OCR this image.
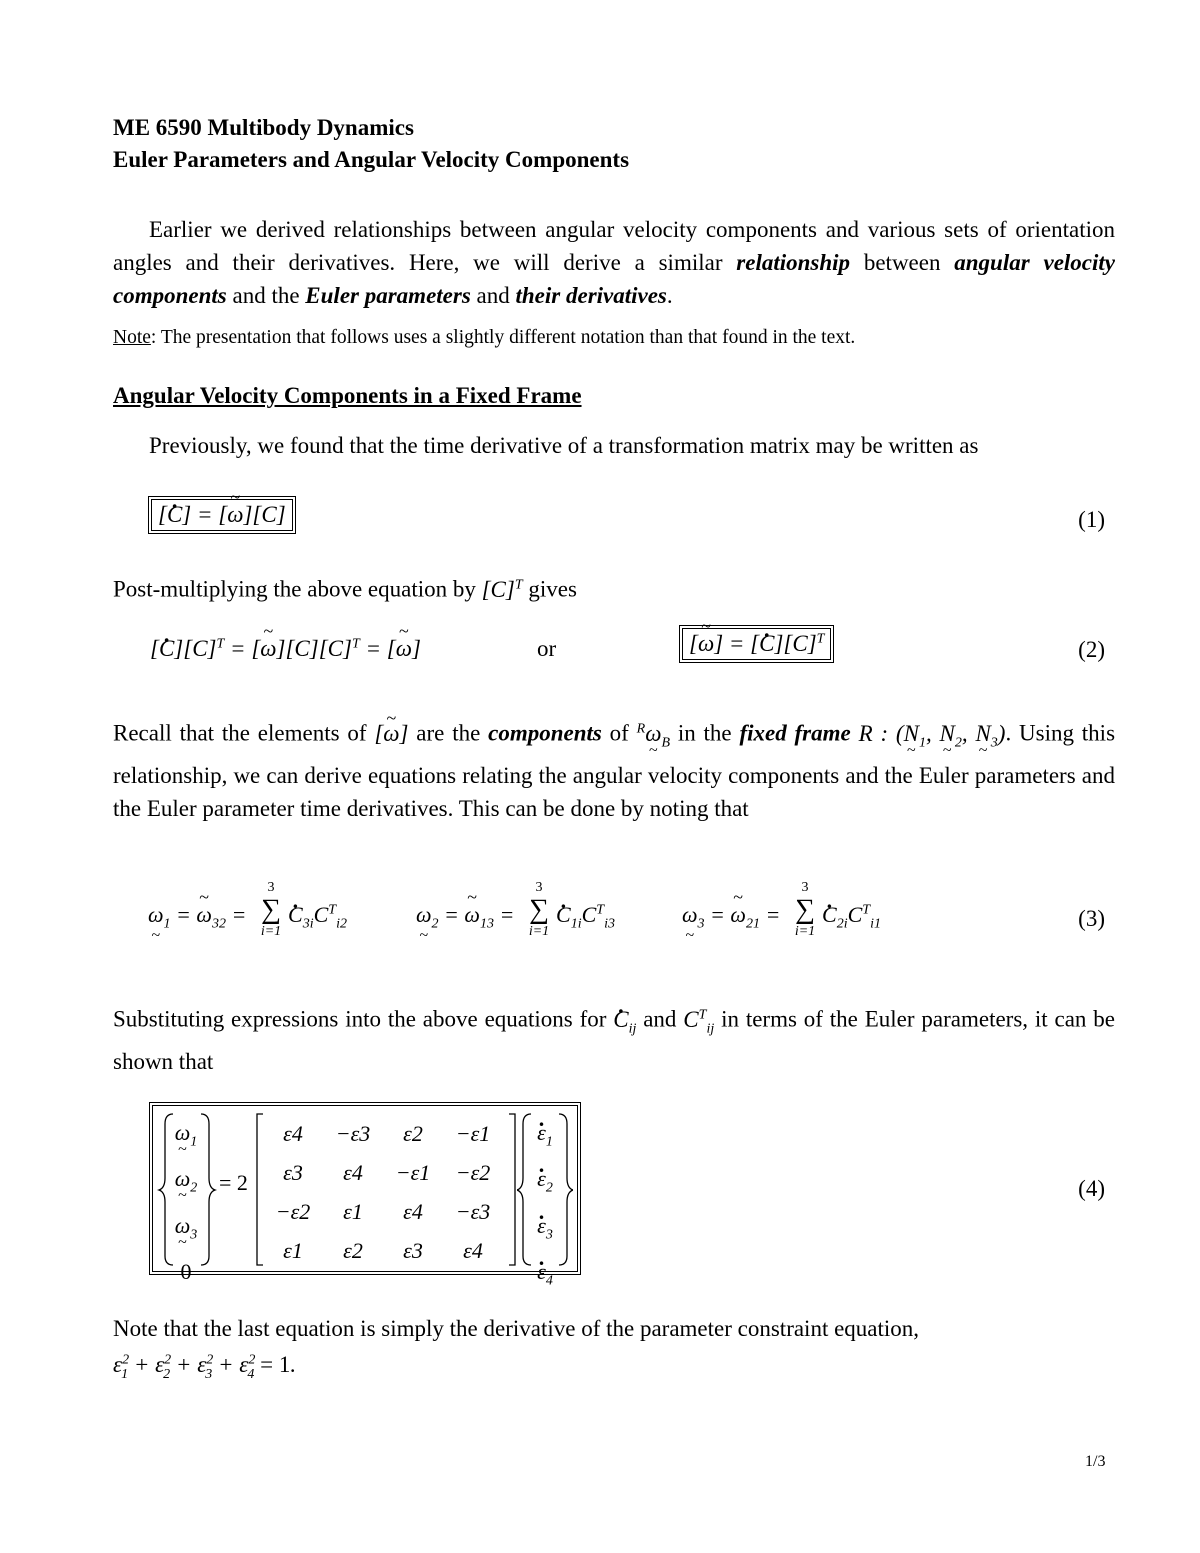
ME 6590 Multibody Dynamics
Euler Parameters and Angular Velocity Components
Earlier we derived relationships between angular velocity components and various sets of orientation angles and their derivatives. Here, we will derive a similar relationship between angular velocity components and the Euler parameters and their derivatives.
Note: The presentation that follows uses a slightly different notation than that found in the text.
Angular Velocity Components in a Fixed Frame
Previously, we found that the time derivative of a transformation matrix may be written as
[. C] = [~ ω][C]	(1)
Post-multiplying the above equation by $[C]^T$ gives
[. $C][C]^T$ = [~ $\omega][C][C]^T$ = [~ ω]	or	[~ ω] = [. $C][C]^T$	(2)
Recall that the elements of [~ ω] are the components of $^R$ω $\sim_B$ in the fixed frame R : (N $\sim_1$, N $\sim_2$, N $\sim_3$). Using this relationship, we can derive equations relating the angular velocity components and the Euler parameters and the Euler parameter time derivatives. This can be done by noting that
ω $\sim_1$ = ~ $\omega_{32}$ =
3
∑
i=1
. $C_{3i}C^T_{i2}$	ω $\sim_2$ = ~ $\omega_{13}$ =
3
∑
i=1
. $C_{1i}C^T_{i3}$	ω $\sim_3$ = ~ $\omega_{21}$ =
3
∑
i=1
. $C_{2i}C^T_{i1}$	(3)
Substituting expressions into the above equations for . $C_{ij}$ and $C^T_{ij}$ in terms of the Euler parameters, it can be shown that
ω $\sim_1$
ω $\sim_2$
ω $\sim_3$
0
= 2
ε4	−ε3	ε2	−ε1
ε3	ε4	−ε1	−ε2
−ε2	ε1	ε4	−ε3
ε1	ε2	ε3	ε4
. $\varepsilon_1$
. $\varepsilon_2$
. $\varepsilon_3$
. $\varepsilon_4$
(4)
Note that the last equation is simply the derivative of the parameter constraint equation,
$\varepsilon^2_1 + \varepsilon^2_2 + \varepsilon^2_3 + \varepsilon^2_4 = 1$.
1/3
